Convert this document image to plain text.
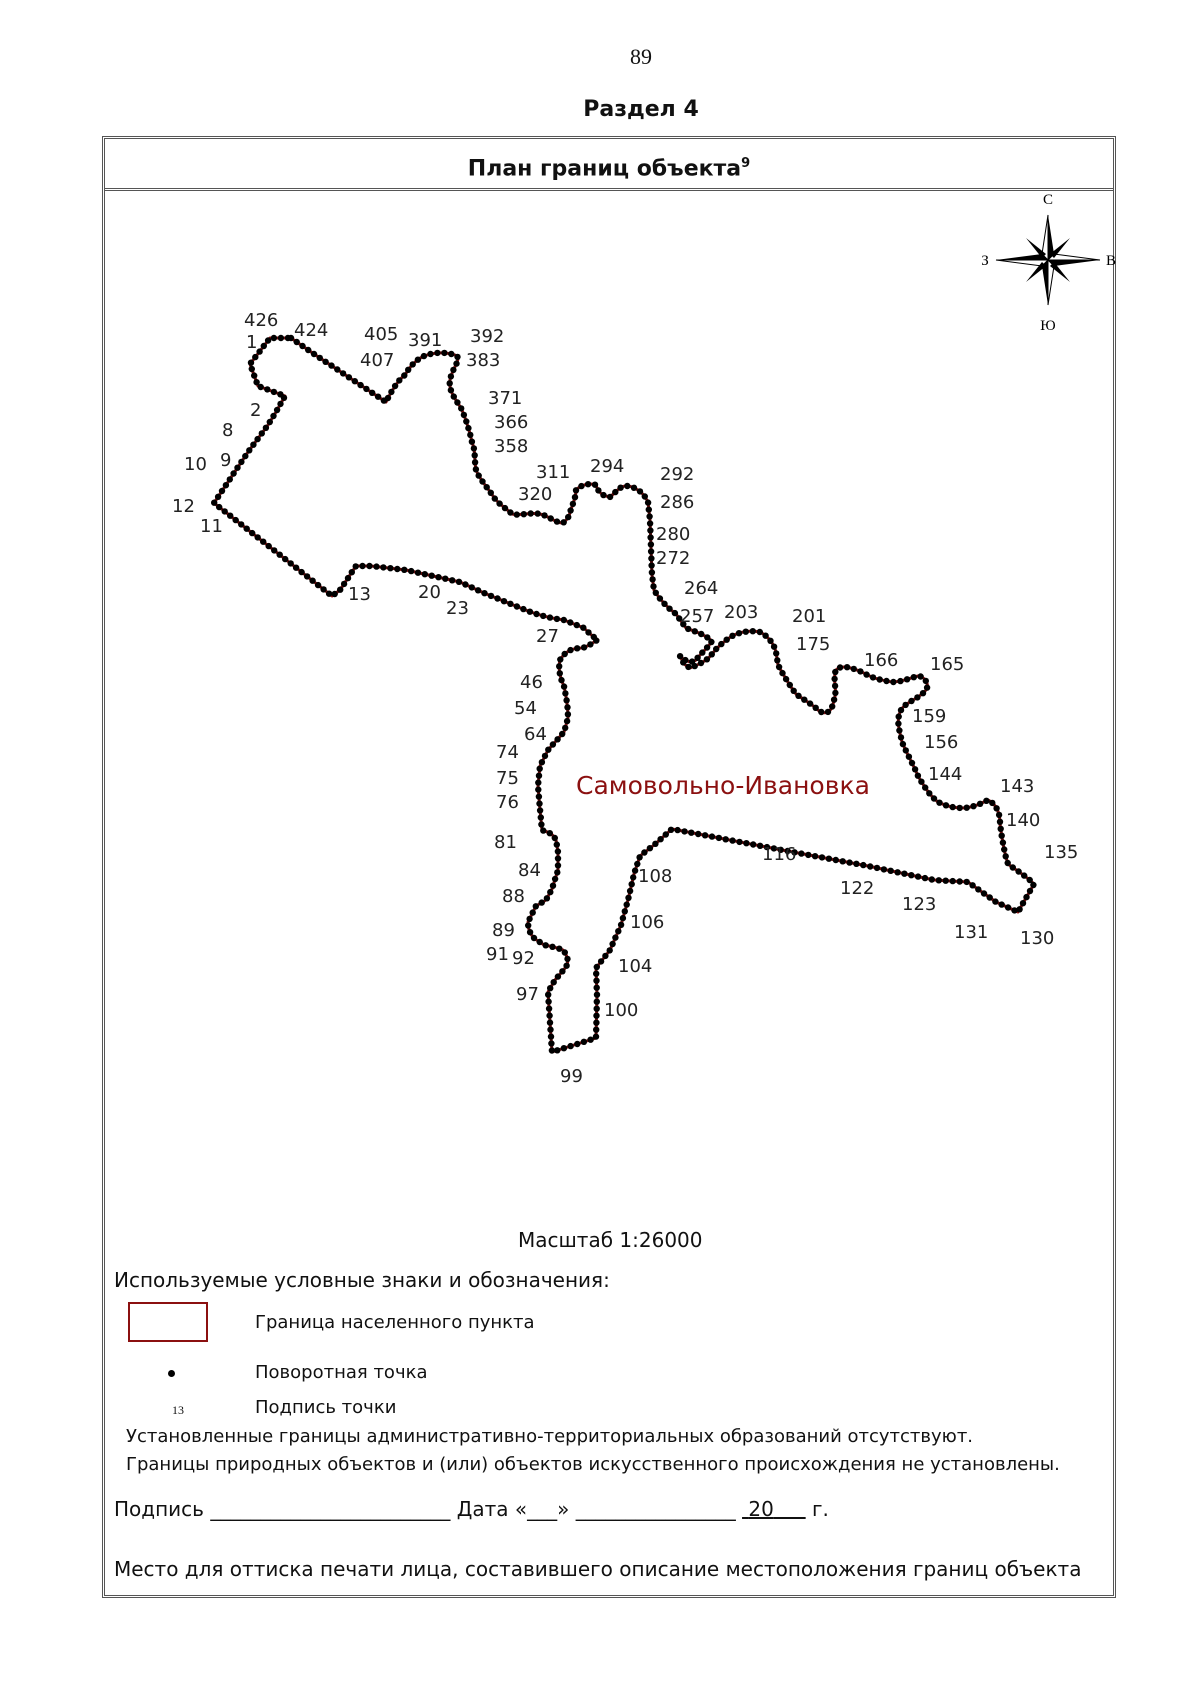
89
Раздел 4
План границ объекта$^9$
С
Ю
З	В
426
1
424 405
407
391 392
383
371
366
358
311 294 292
286
320
280
272
264
257 203 201
175
166 165
2
8
9
10
12
11
13	20
23
27
46
54
64
74
75
76
81
84
88
89
91 92
97
99
100
104
106
108
116
122
123
131 130
135
140
143
144
156
159
Самовольно-Ивановка
Масштаб 1:26000
Используемые условные знаки и обозначения:
Граница населенного пункта
Поворотная точка
13	Подпись точки
Установленные границы административно-территориальных образований отсутствуют.
Границы природных объектов и (или) объектов искусственного происхождения не установлены.
Подпись ________________________ Дата «___» ________________ 20 г.
Место для оттиска печати лица, составившего описание местоположения границ объекта
